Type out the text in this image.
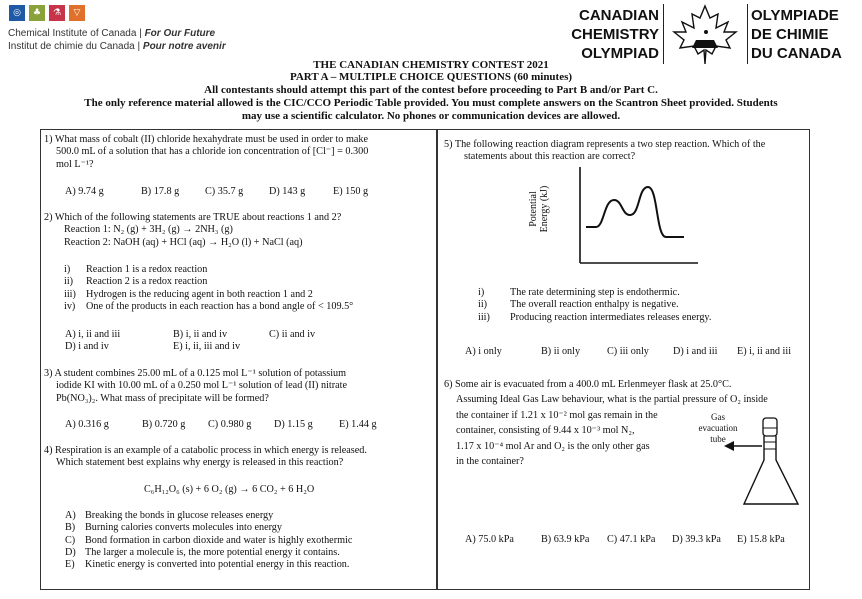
◎	♣	⚗	▽
Chemical Institute of Canada | For Our Future
Institut de chimie du Canada | Pour notre avenir
CANADIAN
CHEMISTRY
OLYMPIAD
OLYMPIADE
DE CHIMIE
DU CANADA
THE CANADIAN CHEMISTRY CONTEST 2021
PART A – MULTIPLE CHOICE QUESTIONS (60 minutes)
All contestants should attempt this part of the contest before proceeding to Part B and/or Part C.
The only reference material allowed is the CIC/CCO Periodic Table provided. You must complete answers on the Scantron Sheet provided. Students
may use a scientific calculator. No phones or communication devices are allowed.
1) What mass of cobalt (II) chloride hexahydrate must be used in order to make
500.0 mL of a solution that has a chloride ion concentration of [Cl⁻] = 0.300
mol L⁻¹?
A) 9.74 g	B) 17.8 g	C) 35.7 g	D) 143 g	E) 150 g
2) Which of the following statements are TRUE about reactions 1 and 2?
Reaction 1: N₂ (g) + 3H₂ (g) → 2NH₃ (g)
Reaction 2: NaOH (aq) + HCl (aq) → H₂O (l) + NaCl (aq)
i) Reaction 1 is a redox reaction
ii) Reaction 2 is a redox reaction
iii) Hydrogen is the reducing agent in both reaction 1 and 2
iv) One of the products in each reaction has a bond angle of < 109.5°
A) i, ii and iii	B) i, ii and iv	C) ii and iv
D) i and iv	E) i, ii, iii and iv
3) A student combines 25.00 mL of a 0.125 mol L⁻¹ solution of potassium
iodide KI with 10.00 mL of a 0.250 mol L⁻¹ solution of lead (II) nitrate
Pb(NO₃)₂. What mass of precipitate will be formed?
A) 0.316 g	B) 0.720 g	C) 0.980 g	D) 1.15 g	E) 1.44 g
4) Respiration is an example of a catabolic process in which energy is released.
Which statement best explains why energy is released in this reaction?
C₆H₁₂O₆ (s) + 6 O₂ (g) → 6 CO₂ + 6 H₂O
A) Breaking the bonds in glucose releases energy
B) Burning calories converts molecules into energy
C) Bond formation in carbon dioxide and water is highly exothermic
D) The larger a molecule is, the more potential energy it contains.
E) Kinetic energy is converted into potential energy in this reaction.
5) The following reaction diagram represents a two step reaction. Which of the
statements about this reaction are correct?
Potential Energy (kJ)
i)	The rate determining step is endothermic.
ii) The overall reaction enthalpy is negative.
iii) Producing reaction intermediates releases energy.
A) i only	B) ii only	C) iii only	D) i and iii	E) i, ii and iii
6) Some air is evacuated from a 400.0 mL Erlenmeyer flask at 25.0°C.
Assuming Ideal Gas Law behaviour, what is the partial pressure of O₂ inside
the container if 1.21 x 10⁻² mol gas remain in the
container, consisting of 9.44 x 10⁻³ mol N₂,
1.17 x 10⁻⁴ mol Ar and O₂ is the only other gas
in the container?
Gas
evacuation
tube
A) 75.0 kPa	B) 63.9 kPa	C) 47.1 kPa	D) 39.3 kPa	E) 15.8 kPa
